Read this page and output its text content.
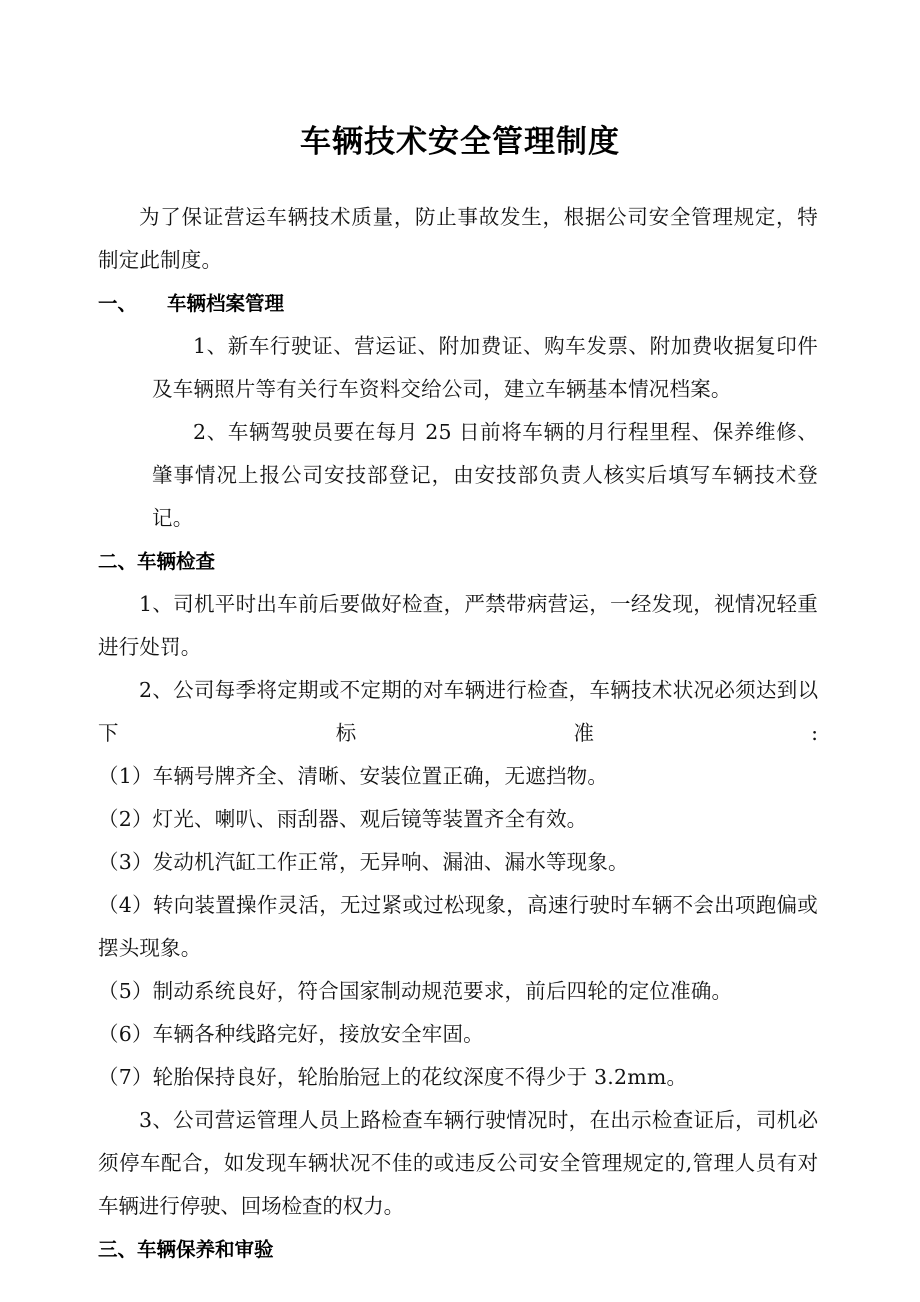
车辆技术安全管理制度

为了保证营运车辆技术质量，防止事故发生，根据公司安全管理规定，特制定此制度。

一、 车辆档案管理

1、新车行驶证、营运证、附加费证、购车发票、附加费收据复印件及车辆照片等有关行车资料交给公司，建立车辆基本情况档案。

2、车辆驾驶员要在每月 25 日前将车辆的月行程里程、保养维修、肇事情况上报公司安技部登记，由安技部负责人核实后填写车辆技术登记。

二、车辆检查

1、司机平时出车前后要做好检查，严禁带病营运，一经发现，视情况轻重进行处罚。

2、公司每季将定期或不定期的对车辆进行检查，车辆技术状况必须达到以下标准:

（1）车辆号牌齐全、清晰、安装位置正确，无遮挡物。

（2）灯光、喇叭、雨刮器、观后镜等装置齐全有效。

（3）发动机汽缸工作正常，无异响、漏油、漏水等现象。

（4）转向装置操作灵活，无过紧或过松现象，高速行驶时车辆不会出项跑偏或摆头现象。

（5）制动系统良好，符合国家制动规范要求，前后四轮的定位准确。

（6）车辆各种线路完好，接放安全牢固。

（7）轮胎保持良好，轮胎胎冠上的花纹深度不得少于 3.2mm。

3、公司营运管理人员上路检查车辆行驶情况时，在出示检查证后，司机必须停车配合，如发现车辆状况不佳的或违反公司安全管理规定的,管理人员有对车辆进行停驶、回场检查的权力。

三、车辆保养和审验
